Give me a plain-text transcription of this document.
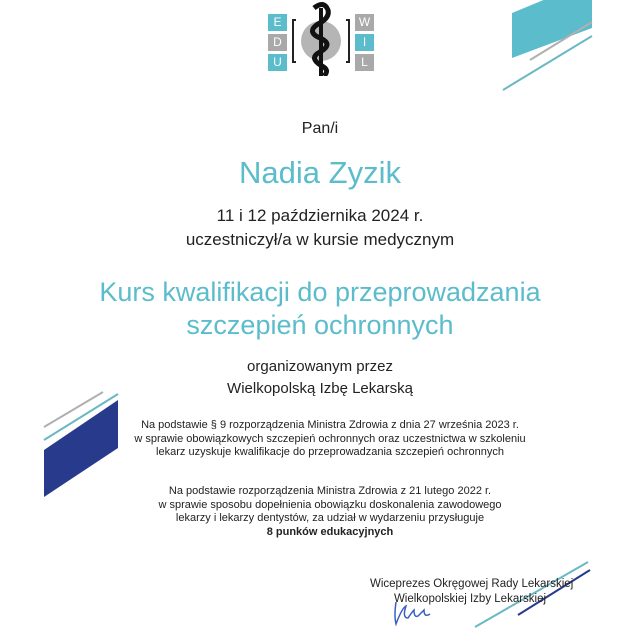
E
D
U
W
I
L
Pan/i
Nadia Zyzik
11 i 12 października 2024 r.
uczestniczył/a w kursie medycznym
Kurs kwalifikacji do przeprowadzania
szczepień ochronnych
organizowanym przez
Wielkopolską Izbę Lekarską
Na podstawie § 9 rozporządzenia Ministra Zdrowia z dnia 27 września 2023 r.
w sprawie obowiązkowych szczepień ochronnych oraz uczestnictwa w szkoleniu
lekarz uzyskuje kwalifikacje do przeprowadzania szczepień ochronnych
Na podstawie rozporządzenia Ministra Zdrowia z 21 lutego 2022 r.
w sprawie sposobu dopełnienia obowiązku doskonalenia zawodowego
lekarzy i lekarzy dentystów, za udział w wydarzeniu przysługuje
8 punków edukacyjnych
Wiceprezes Okręgowej Rady Lekarskiej
Wielkopolskiej Izby Lekarskiej
